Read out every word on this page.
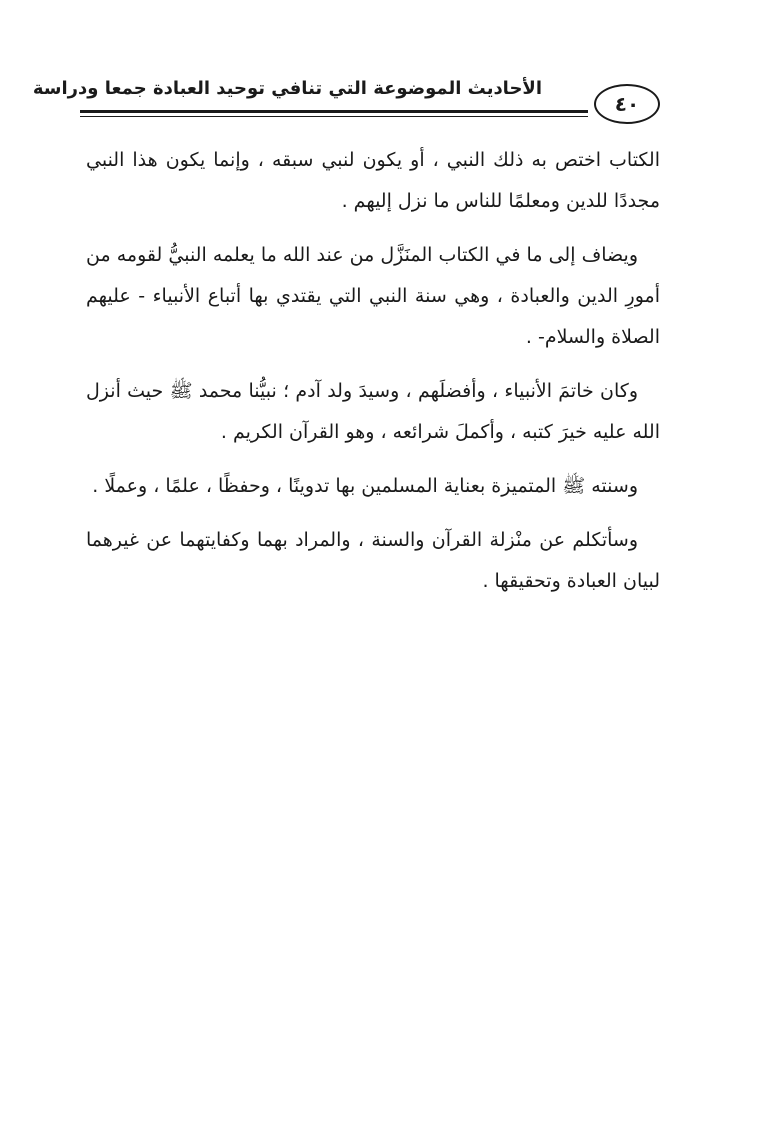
الأحاديث الموضوعة التي تنافي توحيد العبادة جمعا ودراسة
٤٠

الكتاب اختص به ذلك النبي ، أو يكون لنبي سبقه ، وإنما يكون هذا النبي مجددًا للدين ومعلمًا للناس ما نزل إليهم .

ويضاف إلى ما في الكتاب المنَزَّل من عند الله ما يعلمه النبيُّ لقومه من أمورِ الدين والعبادة ، وهي سنة النبي التي يقتدي بها أتباع الأنبياء - عليهم الصلاة والسلام- .

وكان خاتمَ الأنبياء ، وأفضلَهم ، وسيدَ ولد آدم ؛ نبيُّنا محمد ﷺ حيث أنزل الله عليه خيرَ كتبه ، وأكملَ شرائعه ، وهو القرآن الكريم .

وسنته ﷺ المتميزة بعناية المسلمين بها تدوينًا ، وحفظًا ، علمًا ، وعملًا .

وسأتكلم عن منْزلة القرآن والسنة ، والمراد بهما وكفايتهما عن غيرهما لبيان العبادة وتحقيقها .
